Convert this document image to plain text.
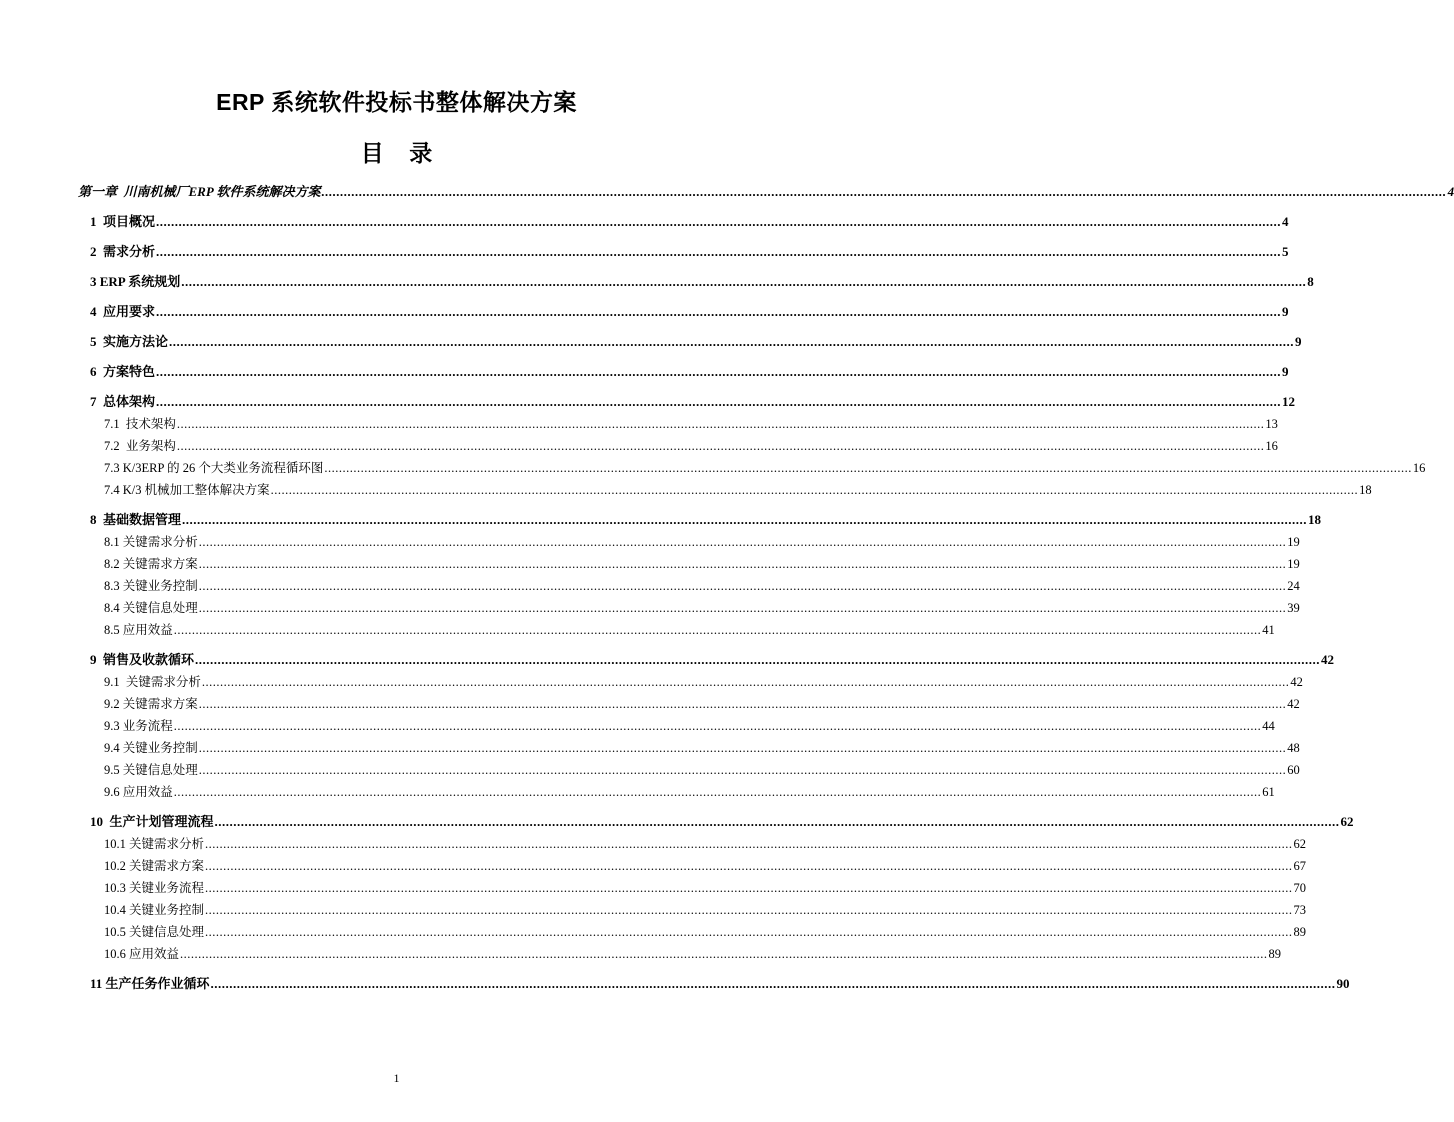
ERP 系统软件投标书整体解决方案
目    录
第一章  川南机械厂ERP 软件系统解决方案 ............................................................................................................................................................................................................................................................................................................ 4
1  项目概况 ............................................................................................................................................................................................................................................................................................................ 4
2  需求分析 ............................................................................................................................................................................................................................................................................................................ 5
3 ERP 系统规划 ............................................................................................................................................................................................................................................................................................................ 8
4  应用要求 ............................................................................................................................................................................................................................................................................................................ 9
5  实施方法论 ............................................................................................................................................................................................................................................................................................................ 9
6  方案特色 ............................................................................................................................................................................................................................................................................................................ 9
7  总体架构 ............................................................................................................................................................................................................................................................................................................ 12
7.1  技术架构 ............................................................................................................................................................................................................................................................................................................ 13
7.2  业务架构 ............................................................................................................................................................................................................................................................................................................ 16
7.3 K/3ERP 的 26 个大类业务流程循环图 ............................................................................................................................................................................................................................................................................................................ 16
7.4 K/3 机械加工整体解决方案 ............................................................................................................................................................................................................................................................................................................ 18
8  基础数据管理 ............................................................................................................................................................................................................................................................................................................ 18
8.1 关键需求分析 ............................................................................................................................................................................................................................................................................................................ 19
8.2 关键需求方案 ............................................................................................................................................................................................................................................................................................................ 19
8.3 关键业务控制 ............................................................................................................................................................................................................................................................................................................ 24
8.4 关键信息处理 ............................................................................................................................................................................................................................................................................................................ 39
8.5 应用效益 ............................................................................................................................................................................................................................................................................................................ 41
9  销售及收款循环 ............................................................................................................................................................................................................................................................................................................ 42
9.1  关键需求分析 ............................................................................................................................................................................................................................................................................................................ 42
9.2 关键需求方案 ............................................................................................................................................................................................................................................................................................................ 42
9.3 业务流程 ............................................................................................................................................................................................................................................................................................................ 44
9.4 关键业务控制 ............................................................................................................................................................................................................................................................................................................ 48
9.5 关键信息处理 ............................................................................................................................................................................................................................................................................................................ 60
9.6 应用效益 ............................................................................................................................................................................................................................................................................................................ 61
10  生产计划管理流程 ............................................................................................................................................................................................................................................................................................................ 62
10.1 关键需求分析 ............................................................................................................................................................................................................................................................................................................ 62
10.2 关键需求方案 ............................................................................................................................................................................................................................................................................................................ 67
10.3 关键业务流程 ............................................................................................................................................................................................................................................................................................................ 70
10.4 关键业务控制 ............................................................................................................................................................................................................................................................................................................ 73
10.5 关键信息处理 ............................................................................................................................................................................................................................................................................................................ 89
10.6 应用效益 ............................................................................................................................................................................................................................................................................................................ 89
11 生产任务作业循环 ............................................................................................................................................................................................................................................................................................................ 90
1
